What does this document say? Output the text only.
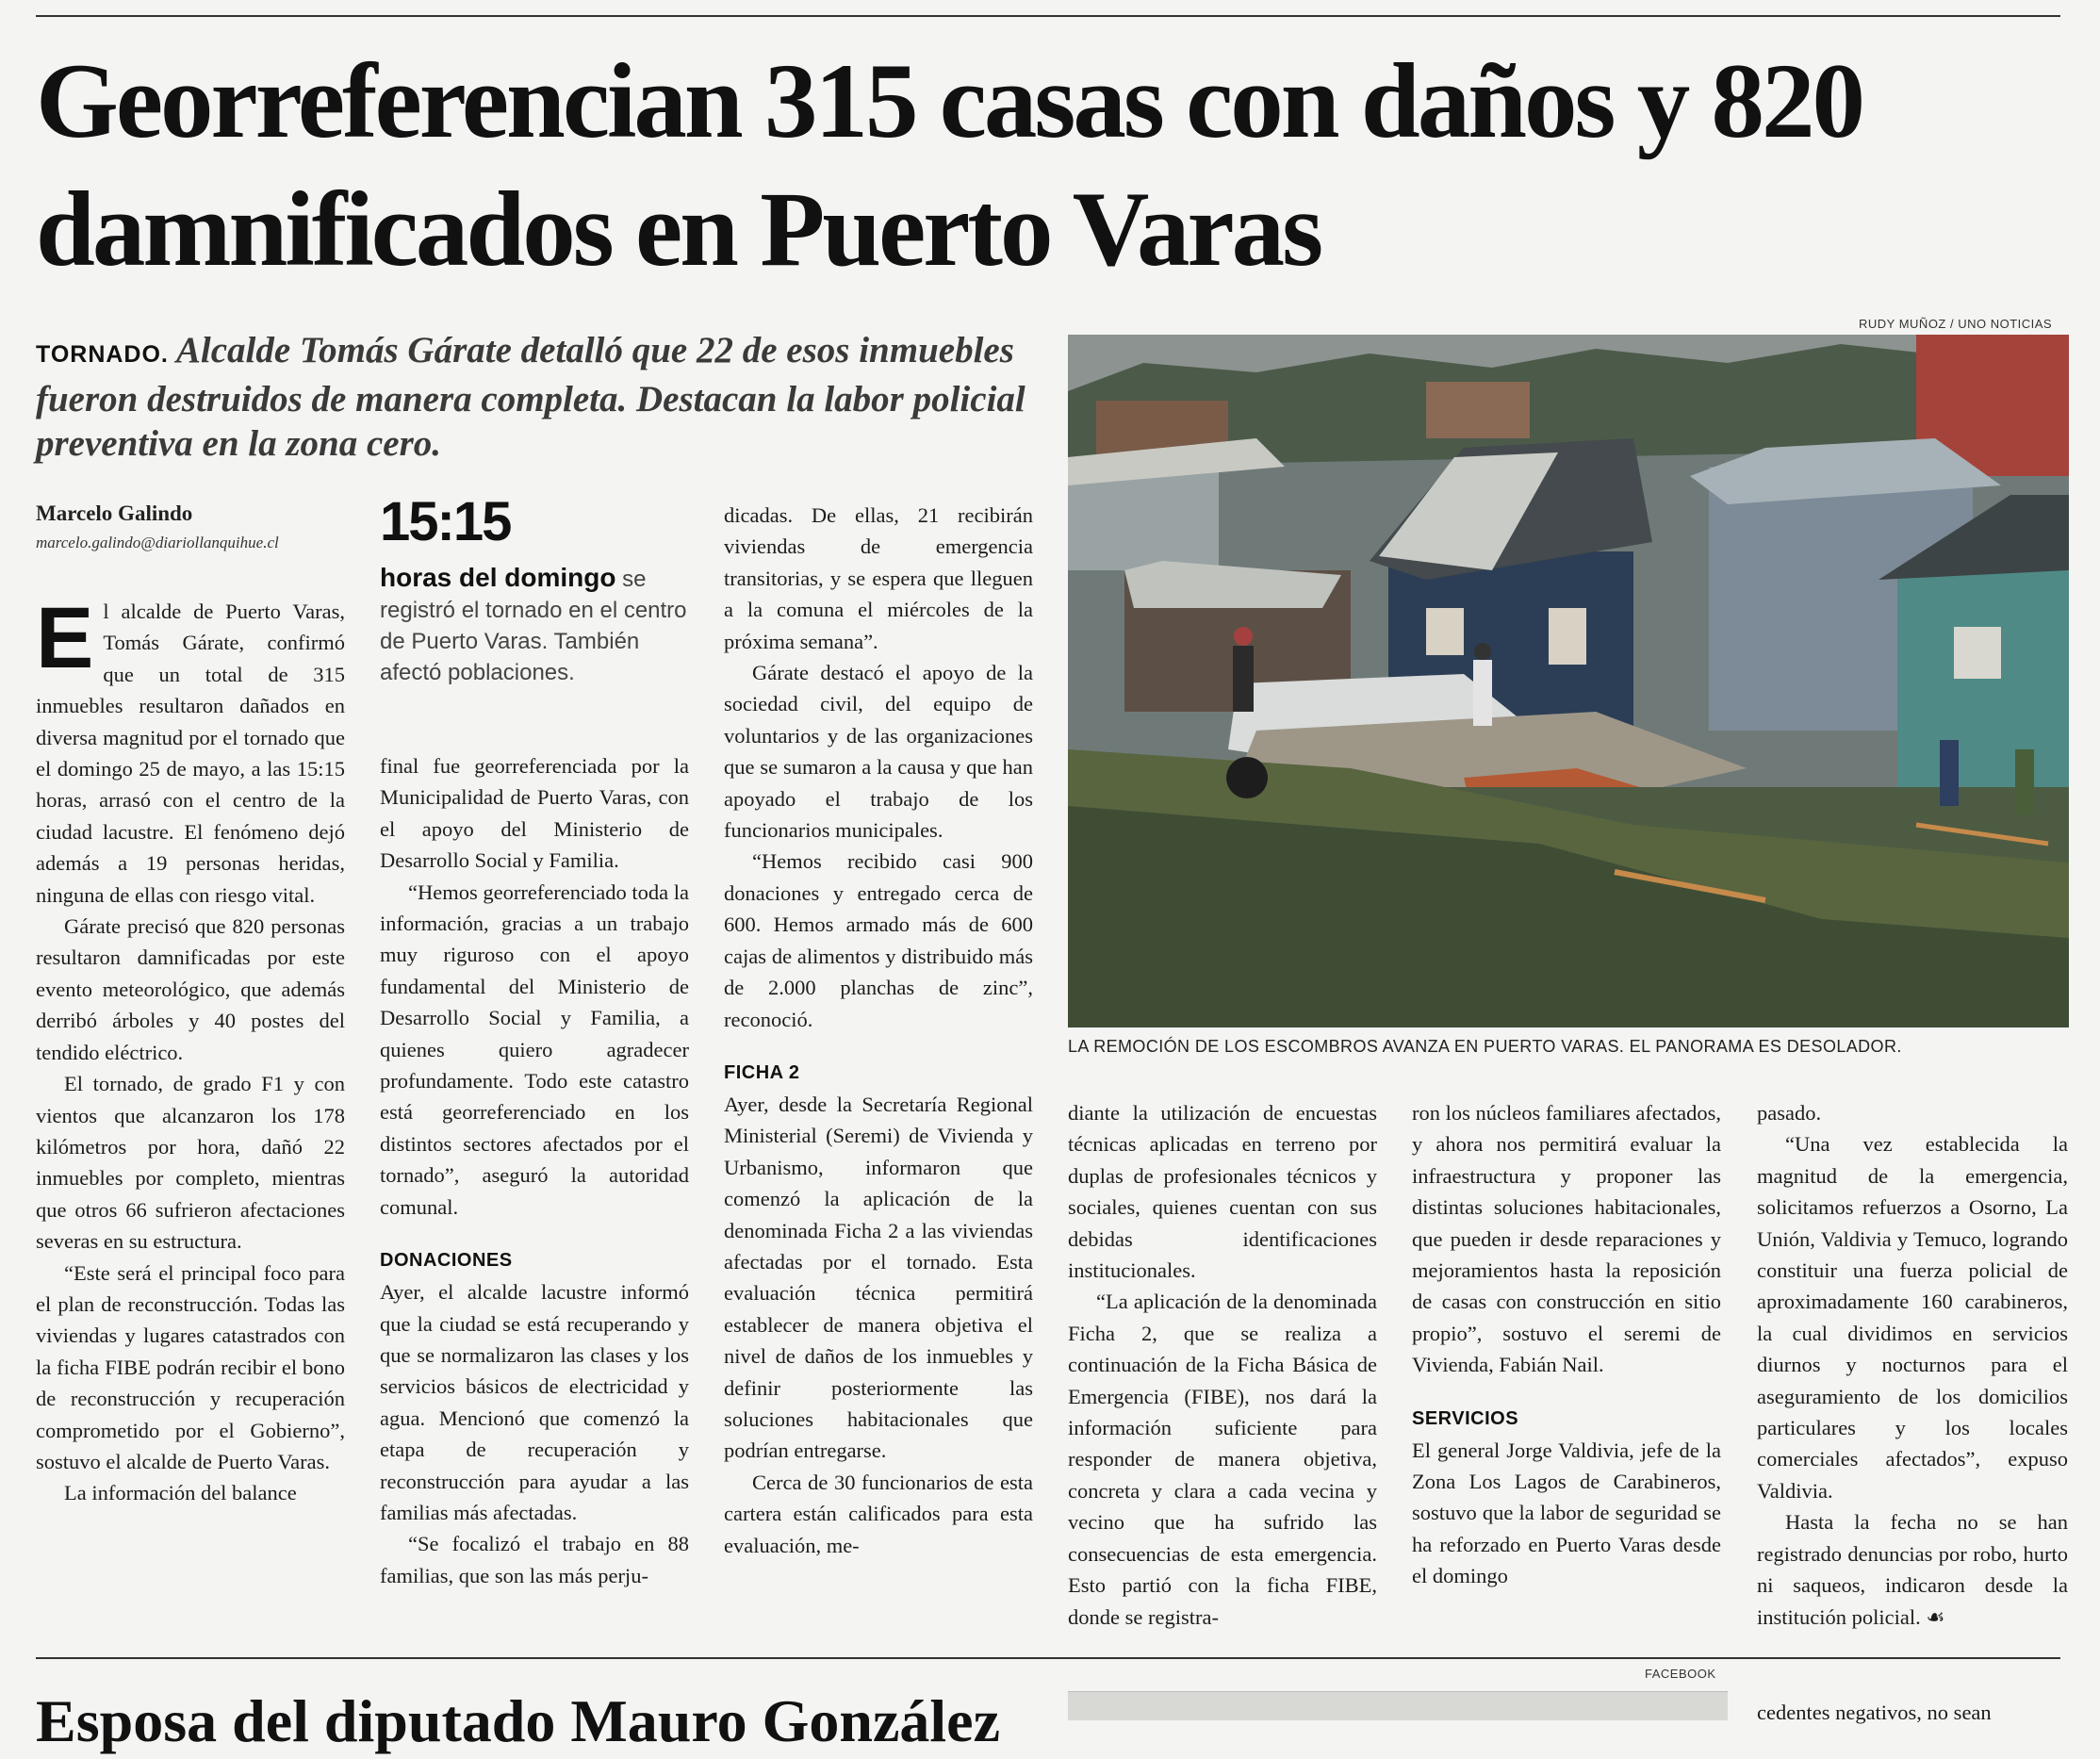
Georreferencian 315 casas con daños y 820 damnificados en Puerto Varas
RUDY MUÑOZ / UNO NOTICIAS

TORNADO. Alcalde Tomás Gárate detalló que 22 de esos inmuebles fueron destruidos de manera completa. Destacan la labor policial preventiva en la zona cero.

Marcelo Galindo
marcelo.galindo@diariollanquihue.cl 15:15
horas del domingo se registró el tornado en el centro de Puerto Varas. También afectó poblaciones.

El alcalde de Puerto Varas, Tomás Gárate, confirmó que un total de 315 inmuebles resultaron dañados en diversa magnitud por el tornado que el domingo 25 de mayo, a las 15:15 horas, arrasó con el centro de la ciudad lacustre. El fenómeno dejó además a 19 personas heridas, ninguna de ellas con riesgo vital.

Gárate precisó que 820 personas resultaron damnificadas por este evento meteorológico, que además derribó árboles y 40 postes del tendido eléctrico.

El tornado, de grado F1 y con vientos que alcanzaron los 178 kilómetros por hora, dañó 22 inmuebles por completo, mientras que otros 66 sufrieron afectaciones severas en su estructura.

“Este será el principal foco para el plan de reconstrucción. Todas las viviendas y lugares catastrados con la ficha FIBE podrán recibir el bono de reconstrucción y recuperación comprometido por el Gobierno”, sostuvo el alcalde de Puerto Varas.

La información del balance

final fue georreferenciada por la Municipalidad de Puerto Varas, con el apoyo del Ministerio de Desarrollo Social y Familia.

“Hemos georreferenciado toda la información, gracias a un trabajo muy riguroso con el apoyo fundamental del Ministerio de Desarrollo Social y Familia, a quienes quiero agradecer profundamente. Todo este catastro está georreferenciado en los distintos sectores afectados por el tornado”, aseguró la autoridad comunal.

DONACIONES

Ayer, el alcalde lacustre informó que la ciudad se está recuperando y que se normalizaron las clases y los servicios básicos de electricidad y agua. Mencionó que comenzó la etapa de recuperación y reconstrucción para ayudar a las familias más afectadas.

“Se focalizó el trabajo en 88 familias, que son las más perju-

dicadas. De ellas, 21 recibirán viviendas de emergencia transitorias, y se espera que lleguen a la comuna el miércoles de la próxima semana”.

Gárate destacó el apoyo de la sociedad civil, del equipo de voluntarios y de las organizaciones que se sumaron a la causa y que han apoyado el trabajo de los funcionarios municipales.

“Hemos recibido casi 900 donaciones y entregado cerca de 600. Hemos armado más de 600 cajas de alimentos y distribuido más de 2.000 planchas de zinc”, reconoció.

FICHA 2

Ayer, desde la Secretaría Regional Ministerial (Seremi) de Vivienda y Urbanismo, informaron que comenzó la aplicación de la denominada Ficha 2 a las viviendas afectadas por el tornado. Esta evaluación técnica permitirá establecer de manera objetiva el nivel de daños de los inmuebles y definir posteriormente las soluciones habitacionales que podrían entregarse.

Cerca de 30 funcionarios de esta cartera están calificados para esta evaluación, me-

LA REMOCIÓN DE LOS ESCOMBROS AVANZA EN PUERTO VARAS. EL PANORAMA ES DESOLADOR.

diante la utilización de encuestas técnicas aplicadas en terreno por duplas de profesionales técnicos y sociales, quienes cuentan con sus debidas identificaciones institucionales.

“La aplicación de la denominada Ficha 2, que se realiza a continuación de la Ficha Básica de Emergencia (FIBE), nos dará la información suficiente para responder de manera objetiva, concreta y clara a cada vecina y vecino que ha sufrido las consecuencias de esta emergencia. Esto partió con la ficha FIBE, donde se registra-

ron los núcleos familiares afectados, y ahora nos permitirá evaluar la infraestructura y proponer las distintas soluciones habitacionales, que pueden ir desde reparaciones y mejoramientos hasta la reposición de casas con construcción en sitio propio”, sostuvo el seremi de Vivienda, Fabián Nail.

SERVICIOS

El general Jorge Valdivia, jefe de la Zona Los Lagos de Carabineros, sostuvo que la labor de seguridad se ha reforzado en Puerto Varas desde el domingo

pasado.

“Una vez establecida la magnitud de la emergencia, solicitamos refuerzos a Osorno, La Unión, Valdivia y Temuco, logrando constituir una fuerza policial de aproximadamente 160 carabineros, la cual dividimos en servicios diurnos y nocturnos para el aseguramiento de los domicilios particulares y los locales comerciales afectados”, expuso Valdivia.

Hasta la fecha no se han registrado denuncias por robo, hurto ni saqueos, indicaron desde la institución policial. ☙

FACEBOOK
Esposa del diputado Mauro González	cedentes negativos, no sean
